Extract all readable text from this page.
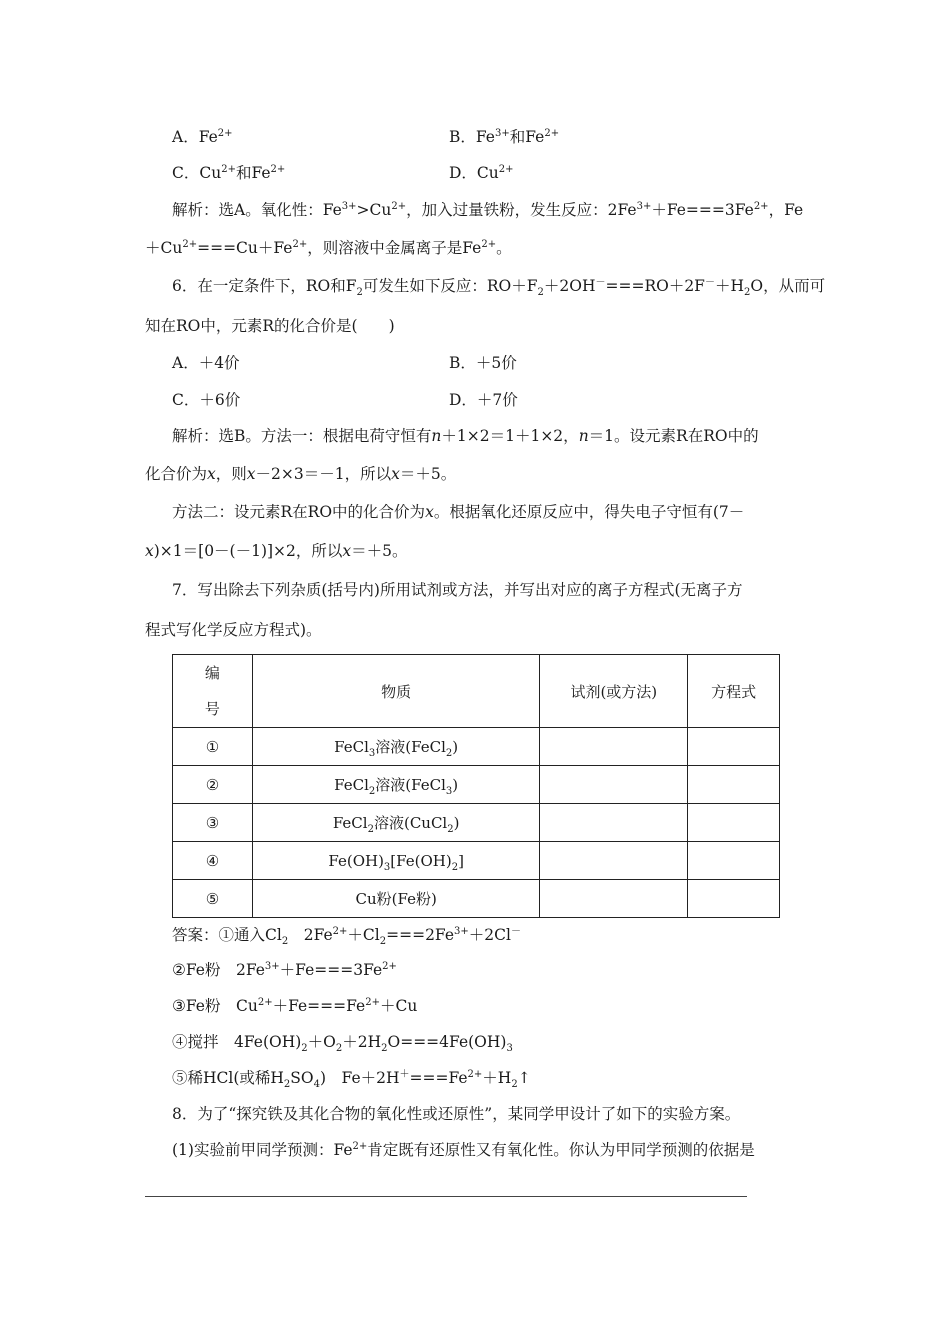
A．$Fe^{2+}$	B．$Fe^{3+}$和$Fe^{2+}$
C．$Cu^{2+}$和$Fe^{2+}$	D．$Cu^{2+}$
解析：选A。氧化性：$Fe^{3+}>Cu^{2+}$，加入过量铁粉，发生反应：$2Fe^{3+}+Fe===3Fe^{2+}$，Fe
$+Cu^{2+}===Cu+Fe^{2+}$，则溶液中金属离子是$Fe^{2+}$。
6．在一定条件下，RO和$F_2$可发生如下反应：$RO+F_2+2OH^-===RO+2F^-+H_2O$，从而可
知在RO中，元素R的化合价是(　　)
A．＋4价	B．＋5价
C．＋6价	D．＋7价
解析：选B。方法一：根据电荷守恒有n＋1×2＝1＋1×2，n＝1。设元素R在RO中的
化合价为x，则x－2×3＝－1，所以x＝＋5。
方法二：设元素R在RO中的化合价为x。根据氧化还原反应中，得失电子守恒有(7－
x)×1＝[0－(－1)]×2，所以x＝＋5。
7．写出除去下列杂质(括号内)所用试剂或方法，并写出对应的离子方程式(无离子方
程式写化学反应方程式)。
编
号	物质	试剂(或方法)	方程式
①	FeCl$_3$溶液(FeCl$_2$)		
②	FeCl$_2$溶液(FeCl$_3$)		
③	FeCl$_2$溶液(CuCl$_2$)		
④	$Fe(OH)_3[Fe(OH)_2]$		
⑤	Cu粉(Fe粉)		
答案：①通入$Cl_2$　$2Fe^{2+}+Cl_2===2Fe^{3+}+2Cl^-$
②Fe粉　$2Fe^{3+}+Fe===3Fe^{2+}$
③Fe粉　$Cu^{2+}+Fe===Fe^{2+}+Cu$
④搅拌　$4Fe(OH)_2+O_2+2H_2O===4Fe(OH)_3$
⑤稀HCl(或稀$H_2SO_4$)　$Fe+2H^+===Fe^{2+}+H_2↑$
8．为了“探究铁及其化合物的氧化性或还原性”，某同学甲设计了如下的实验方案。
(1)实验前甲同学预测：$Fe^{2+}$肯定既有还原性又有氧化性。你认为甲同学预测的依据是
